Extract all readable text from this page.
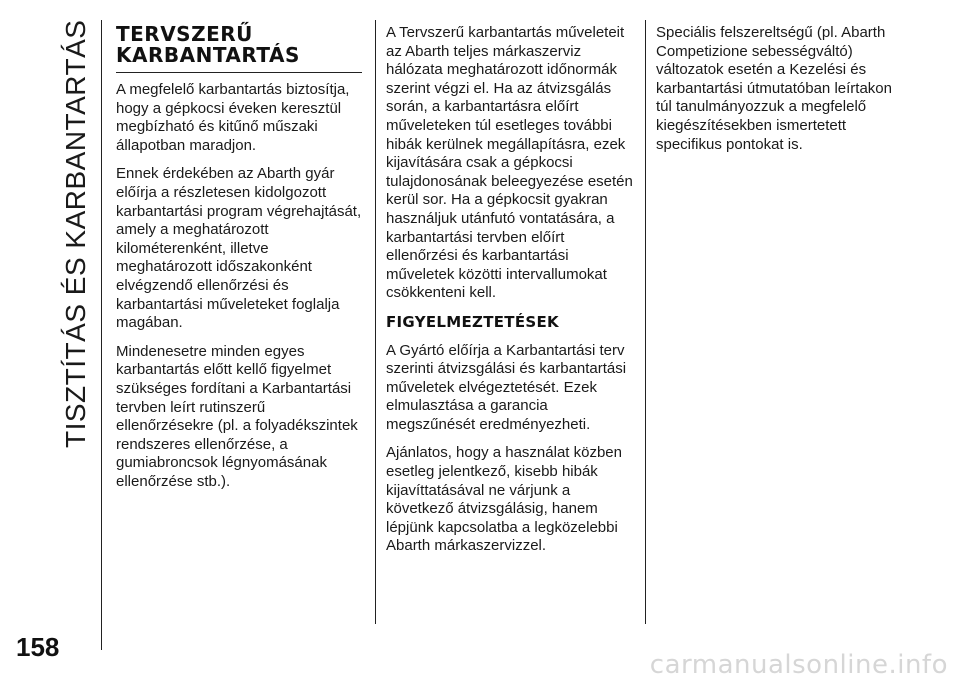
TISZTÍTÁS ÉS KARBANTARTÁS
158
TERVSZERŰ
KARBANTARTÁS

A megfelelő karbantartás biztosítja, hogy a gépkocsi éveken keresztül megbízható és kitűnő műszaki állapotban maradjon.

Ennek érdekében az Abarth gyár előírja a részletesen kidolgozott karbantartási program végrehajtását, amely a meghatározott kilométerenként, illetve meghatározott időszakonként elvégzendő ellenőrzési és karbantartási műveleteket foglalja magában.

Mindenesetre minden egyes karbantartás előtt kellő figyelmet szükséges fordítani a Karbantartási tervben leírt rutinszerű ellenőrzésekre (pl. a folyadékszintek rendszeres ellenőrzése, a gumiabroncsok légnyomásának ellenőrzése stb.).

A Tervszerű karbantartás műveleteit az Abarth teljes márkaszerviz hálózata meghatározott időnormák szerint végzi el. Ha az átvizsgálás során, a karbantartásra előírt műveleteken túl esetleges további hibák kerülnek megállapításra, ezek kijavítására csak a gépkocsi tulajdonosának beleegyezése esetén kerül sor. Ha a gépkocsit gyakran használjuk utánfutó vontatására, a karbantartási tervben előírt ellenőrzési és karbantartási műveletek közötti intervallumokat csökkenteni kell.

FIGYELMEZTETÉSEK

A Gyártó előírja a Karbantartási terv szerinti átvizsgálási és karbantartási műveletek elvégeztetését. Ezek elmulasztása a garancia megszűnését eredményezheti.

Ajánlatos, hogy a használat közben esetleg jelentkező, kisebb hibák kijavíttatásával ne várjunk a következő átvizsgálásig, hanem lépjünk kapcsolatba a legközelebbi Abarth márkaszervizzel.

Speciális felszereltségű (pl. Abarth Competizione sebességváltó) változatok esetén a Kezelési és karbantartási útmutatóban leírtakon túl tanulmányozzuk a megfelelő kiegészítésekben ismertetett specifikus pontokat is.

carmanualsonline.info
